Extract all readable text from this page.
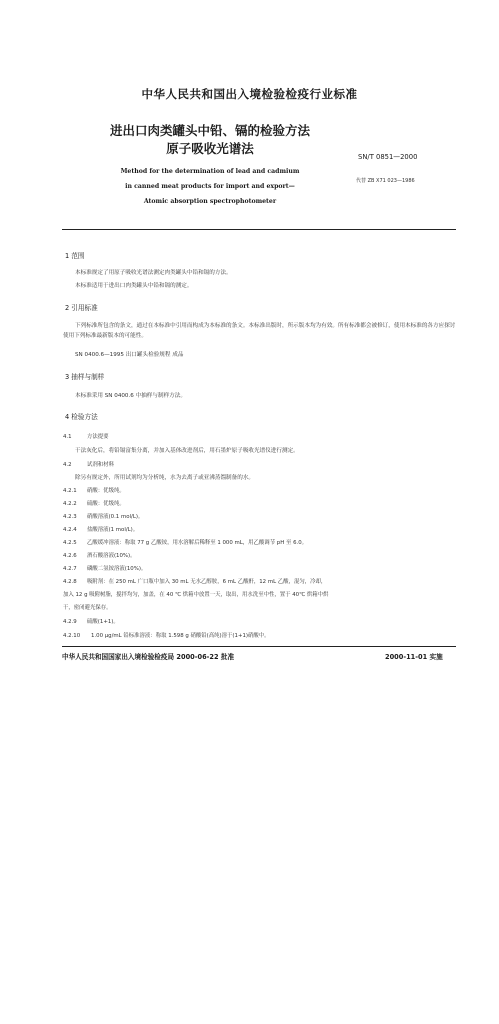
中华人民共和国出入境检验检疫行业标准
进出口肉类罐头中铅、镉的检验方法
原子吸收光谱法
SN/T 0851—2000
代替 ZB X71 023—1986
Method for the determination of lead and cadmium
in canned meat products for import and export—
Atomic absorption spectrophotometer
1 范围
本标准规定了用原子吸收光谱法测定肉类罐头中铅和镉的方法。
本标准适用于进出口肉类罐头中铅和镉的测定。
2 引用标准
下列标准所包含的条文，通过在本标准中引用而构成为本标准的条文。本标准出版时，所示版本均为有效。所有标准都会被修订，使用本标准的各方应探讨使用下列标准最新版本的可能性。
SN 0400.6—1995 出口罐头检验规程 成品
3 抽样与制样
本标准采用 SN 0400.6 中抽样与制样方法。
4 检验方法
4.1	方法提要
干法灰化后，将铅镉富集分离，并加入基体改进剂后，用石墨炉原子吸收光谱仪进行测定。
4.2	试剂和材料
除另有规定外，所用试剂均为分析纯，水为去离子或亚沸蒸馏制备的水。
4.2.1 硝酸：优级纯。
4.2.2 硫酸：优级纯。
4.2.3 硝酸溶液(0.1 mol/L)。
4.2.4 盐酸溶液(1 mol/L)。
4.2.5 乙酸缓冲溶液：称取 77 g 乙酸铵，用水溶解后稀释至 1 000 mL，用乙酸调节 pH 至 6.0。
4.2.6 酒石酸溶液(10%)。
4.2.7 磷酸二氢铵溶液(10%)。
4.2.8 吸附剂：在 250 mL 广口瓶中加入 30 mL 无水乙醇胺，6 mL 乙酸酐，12 mL 乙酸，混匀，冷却，
加入 12 g 吸附树脂，搅拌均匀，加盖，在 40 ℃ 烘箱中放置一天，取出，用水洗至中性，置于 40℃ 烘箱中烘
干，密闭避光保存。
4.2.9 硫酸(1+1)。
4.2.10 1.00 μg/mL 铅标准溶液：称取 1.598 g 硝酸铅(高纯)溶于(1+1)硝酸中。
中华人民共和国国家出入境检验检疫局 2000-06-22 批准	2000-11-01 实施
